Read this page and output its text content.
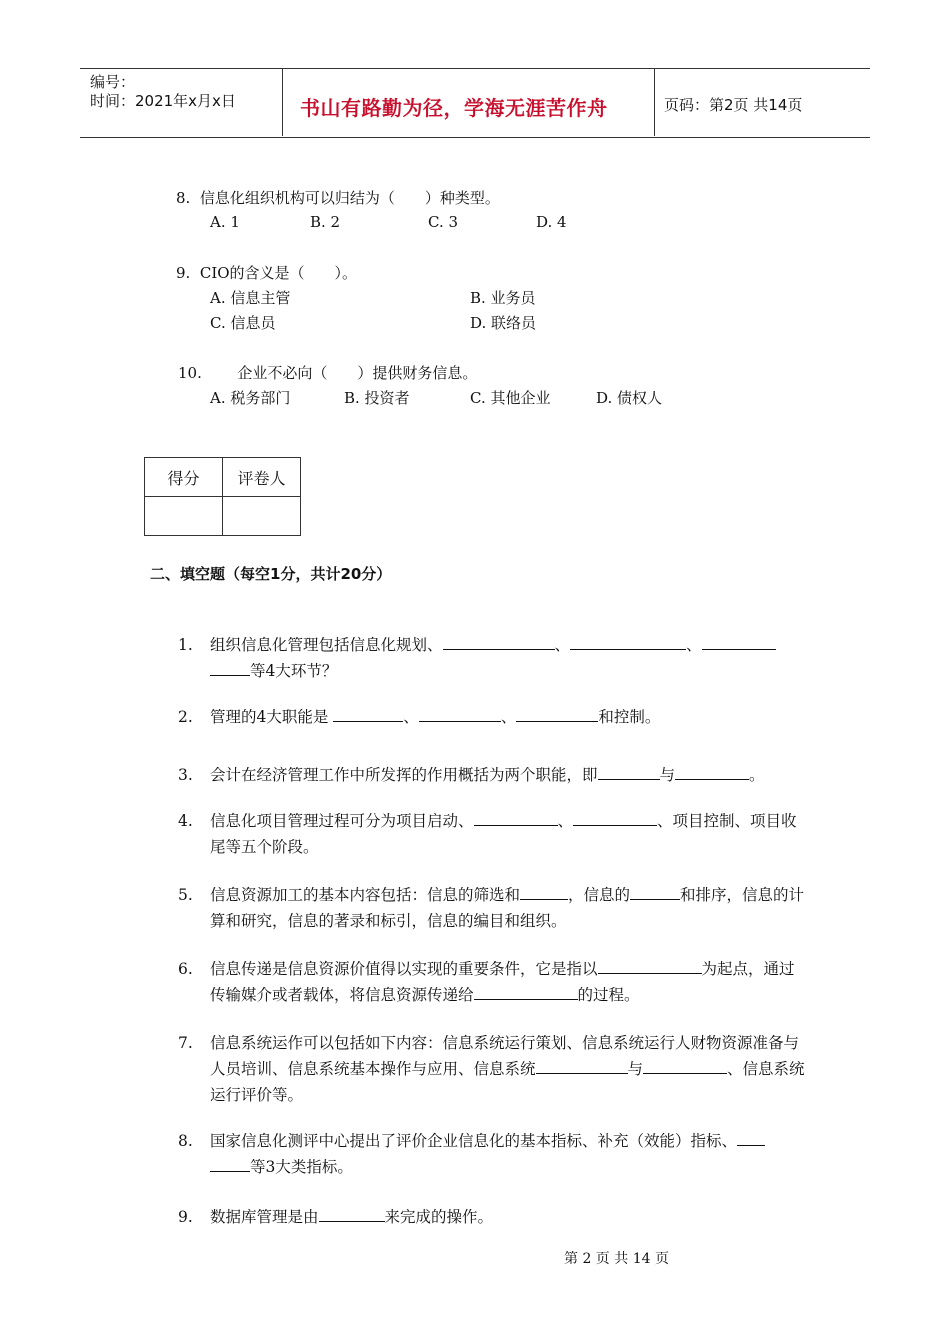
编号：
时间：2021年x月x日	书山有路勤为径，学海无涯苦作舟	页码：第2页 共14页
8. 信息化组织机构可以归结为（　　）种类型。
A. 1	B. 2	C. 3	D. 4
9. CIO的含义是（　　）。
A. 信息主管	B. 业务员
C. 信息员	D. 联络员
10. 企业不必向（　　）提供财务信息。
A. 税务部门	B. 投资者	C. 其他企业	D. 债权人
得分	评卷人

二、填空题（每空1分，共计20分）
1. 组织信息化管理包括信息化规划、	、	、
等4大环节？
2. 管理的4大职能是	、	、	和控制。
3. 会计在经济管理工作中所发挥的作用概括为两个职能，即	与	。
4. 信息化项目管理过程可分为项目启动、	、	、项目控制、项目收尾等五个阶段。
5. 信息资源加工的基本内容包括：信息的筛选和	，信息的	和排序，信息的计算和研究，信息的著录和标引，信息的编目和组织。
6. 信息传递是信息资源价值得以实现的重要条件，它是指以	为起点，通过传输媒介或者载体，将信息资源传递给	的过程。
7. 信息系统运作可以包括如下内容：信息系统运行策划、信息系统运行人财物资源准备与人员培训、信息系统基本操作与应用、信息系统	与	、信息系统运行评价等。
8. 国家信息化测评中心提出了评价企业信息化的基本指标、补充（效能）指标、
等3大类指标。
9. 数据库管理是由	来完成的操作。
第 2 页 共 14 页
